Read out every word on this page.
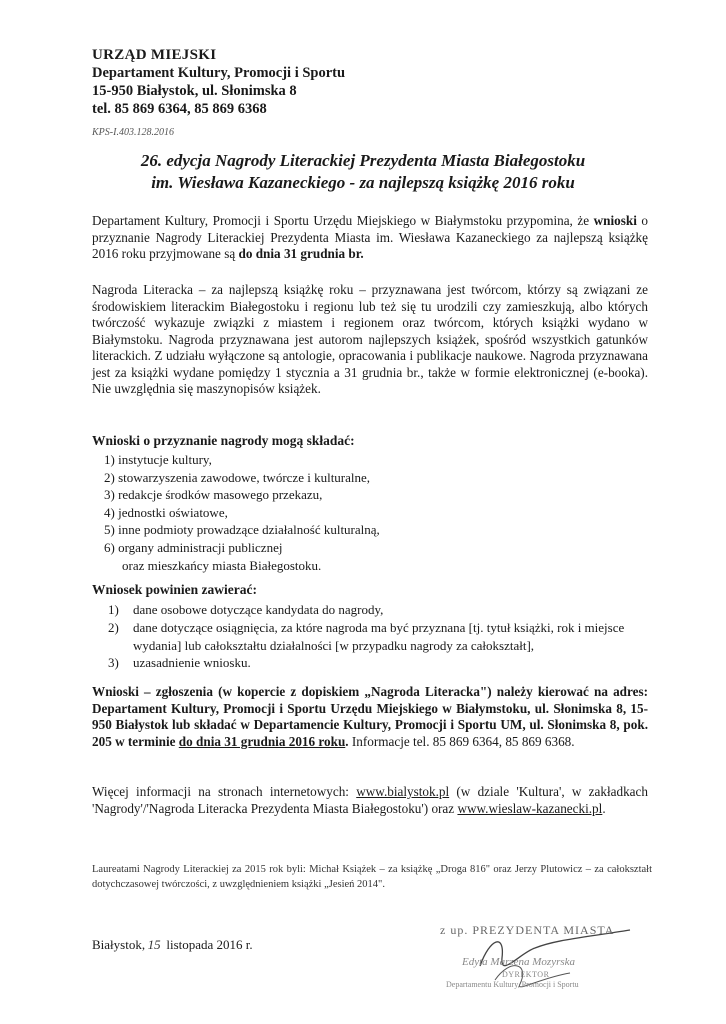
URZĄD MIEJSKI
Departament Kultury, Promocji i Sportu
15-950 Białystok, ul. Słonimska 8
tel. 85 869 6364, 85 869 6368
KPS-I.403.128.2016
26. edycja Nagrody Literackiej Prezydenta Miasta Białegostoku
im. Wiesława Kazaneckiego - za najlepszą książkę 2016 roku
Departament Kultury, Promocji i Sportu Urzędu Miejskiego w Białymstoku przypomina, że wnioski o przyznanie Nagrody Literackiej Prezydenta Miasta im. Wiesława Kazaneckiego za najlepszą książkę 2016 roku przyjmowane są do dnia 31 grudnia br.
Nagroda Literacka – za najlepszą książkę roku – przyznawana jest twórcom, którzy są związani ze środowiskiem literackim Białegostoku i regionu lub też się tu urodzili czy zamieszkują, albo których twórczość wykazuje związki z miastem i regionem oraz twórcom, których książki wydano w Białymstoku. Nagroda przyznawana jest autorom najlepszych książek, spośród wszystkich gatunków literackich. Z udziału wyłączone są antologie, opracowania i publikacje naukowe. Nagroda przyznawana jest za książki wydane pomiędzy 1 stycznia a 31 grudnia br., także w formie elektronicznej (e-booka). Nie uwzględnia się maszynopisów książek.
Wnioski o przyznanie nagrody mogą składać:
1) instytucje kultury,
2) stowarzyszenia zawodowe, twórcze i kulturalne,
3) redakcje środków masowego przekazu,
4) jednostki oświatowe,
5) inne podmioty prowadzące działalność kulturalną,
6) organy administracji publicznej
oraz mieszkańcy miasta Białegostoku.
Wniosek powinien zawierać:
1)	dane osobowe dotyczące kandydata do nagrody,
2)	dane dotyczące osiągnięcia, za które nagroda ma być przyznana [tj. tytuł książki, rok i miejsce wydania] lub całokształtu działalności [w przypadku nagrody za całokształt],
3)	uzasadnienie wniosku.
Wnioski – zgłoszenia (w kopercie z dopiskiem „Nagroda Literacka") należy kierować na adres: Departament Kultury, Promocji i Sportu Urzędu Miejskiego w Białymstoku, ul. Słonimska 8, 15-950 Białystok lub składać w Departamencie Kultury, Promocji i Sportu UM, ul. Słonimska 8, pok. 205 w terminie do dnia 31 grudnia 2016 roku. Informacje tel. 85 869 6364, 85 869 6368.
Więcej informacji na stronach internetowych: www.bialystok.pl (w dziale 'Kultura', w zakładkach 'Nagrody'/'Nagroda Literacka Prezydenta Miasta Białegostoku') oraz www.wieslaw-kazanecki.pl.
Laureatami Nagrody Literackiej za 2015 rok byli: Michał Książek – za książkę „Droga 816" oraz Jerzy Plutowicz – za całokształt dotychczasowej twórczości, z uwzględnieniem książki „Jesień 2014".
Białystok, 15 listopada 2016 r.
z up. PREZYDENTA MIASTA
Edyta Marzena Mozyrska
DYREKTOR
Departamentu Kultury, Promocji i Sportu
